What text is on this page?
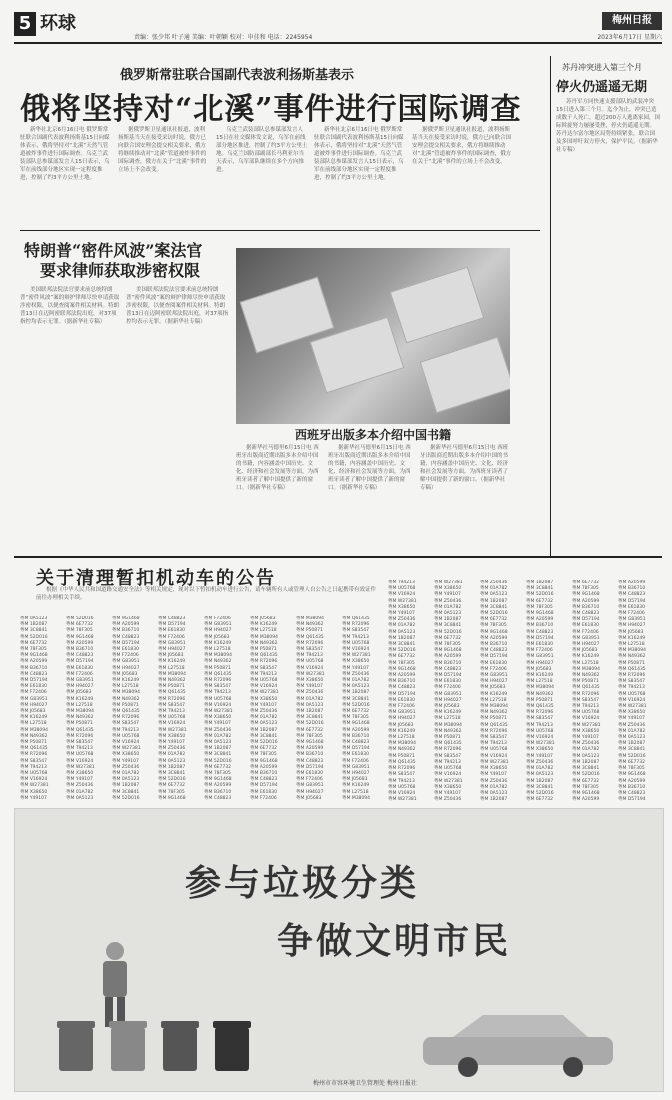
5 环球
责编：张少邦 叶子通 美编：叶朝颖 校对：申佳和 电话：2245954
梅州日报
2023年6月17日 星期六
俄罗斯常驻联合国副代表波利扬斯基表示
俄将坚持对“北溪”事件进行国际调查

新华社北京6月16日电 俄罗斯常驻联合国副代表波利扬斯基15日向媒体表示，俄将坚持对“北溪”天然气管道被炸事件进行国际调查。乌克兰武装部队总参谋部发言人15日表示，乌军在前线部分地区实现一定程度推进，控制了约3平方公里土地。

据俄罗斯卫星通讯社报道，波利扬斯基当天在接受采访时说，俄方已向联合国安理会提交相关要求，俄方将继续推动对“北溪”管道被炸事件的国际调查，俄方在关于“北溪”事件的立场上不会改变。

乌克兰武装部队总参谋部发言人15日在社交媒体发文说，乌军在前线部分地区推进，控制了约3平方公里土地。乌克兰国防部副部长马利亚尔当天表示，乌军部队继续在多个方向推进。

新华社北京6月16日电 俄罗斯常驻联合国副代表波利扬斯基15日向媒体表示，俄将坚持对“北溪”天然气管道被炸事件进行国际调查。乌克兰武装部队总参谋部发言人15日表示，乌军在前线部分地区实现一定程度推进，控制了约3平方公里土地。

据俄罗斯卫星通讯社报道，波利扬斯基当天在接受采访时说，俄方已向联合国安理会提交相关要求，俄方将继续推动对“北溪”管道被炸事件的国际调查，俄方在关于“北溪”事件的立场上不会改变。

苏丹冲突进入第三个月
停火仍遥遥无期

苏丹军方同快速支援部队的武装冲突15日进入第三个月。迄今为止，冲突已造成数千人死亡，超过200万人逃离家园，国际斡旋努力屡屡受挫，停火仍遥遥无期。苏丹达尔富尔地区局势持续紧张，联合国及多国呼吁双方停火，保护平民。（据新华社专稿）

特朗普“密件风波”案法官
要求律师获取涉密权限

美国联邦法院法官要求前总统特朗普“密件风波”案的辩护律师尽快申请获取涉密权限，以便查阅案件相关材料。特朗普13日在迈阿密联邦法院出庭，对37项指控均表示无罪。（据新华社专稿）

美国联邦法院法官要求前总统特朗普“密件风波”案的辩护律师尽快申请获取涉密权限，以便查阅案件相关材料。特朗普13日在迈阿密联邦法院出庭，对37项指控均表示无罪。（据新华社专稿）

西班牙出版多本介绍中国书籍

据新华社马德里6月15日电 西班牙出版商近期出版多本介绍中国的书籍，内容涵盖中国历史、文化、经济和社会发展等方面，为西班牙读者了解中国提供了新的窗口。（据新华社专稿）

据新华社马德里6月15日电 西班牙出版商近期出版多本介绍中国的书籍，内容涵盖中国历史、文化、经济和社会发展等方面，为西班牙读者了解中国提供了新的窗口。（据新华社专稿）

据新华社马德里6月15日电 西班牙出版商近期出版多本介绍中国的书籍，内容涵盖中国历史、文化、经济和社会发展等方面，为西班牙读者了解中国提供了新的窗口。（据新华社专稿）

关于清理暂扣机动车的公告

根据《中华人民共和国道路交通安全法》等相关规定，现对以下暂扣机动车进行公告，请车辆所有人或管理人自公告之日起携带有效证件前往办理相关手续。

粤M 0A5123
粤M 1B2087
粤M 3C8841
粤M 52D016
粤M 6E7732
粤M 78F305
粤M 9G1468
粤M A20599
粤M B36710
粤M C48823
粤M D57194
粤M E61830
粤M F72406
粤M G83951
粤M H94027
粤M J05683
粤M K16249
粤M L27518
粤M M38094
粤M N49362
粤M P50871
粤M Q61435
粤M R72096
粤M S83547
粤M T94213
粤M U05768
粤M V16924
粤M W27381
粤M X38650
粤M Y49107
粤M 52D016
粤M 6E7732
粤M 78F305
粤M 9G1468
粤M A20599
粤M B36710
粤M C48823
粤M D57194
粤M E61830
粤M F72406
粤M G83951
粤M H94027
粤M J05683
粤M K16249
粤M L27518
粤M M38094
粤M N49362
粤M P50871
粤M Q61435
粤M R72096
粤M S83547
粤M T94213
粤M U05768
粤M V16924
粤M W27381
粤M X38650
粤M Y49107
粤M Z50436
粤M 01A782
粤M 0A5123
粤M 9G1468
粤M A20599
粤M B36710
粤M C48823
粤M D57194
粤M E61830
粤M F72406
粤M G83951
粤M H94027
粤M J05683
粤M K16249
粤M L27518
粤M M38094
粤M N49362
粤M P50871
粤M Q61435
粤M R72096
粤M S83547
粤M T94213
粤M U05768
粤M V16924
粤M W27381
粤M X38650
粤M Y49107
粤M Z50436
粤M 01A782
粤M 0A5123
粤M 1B2087
粤M 3C8841
粤M 52D016
粤M C48823
粤M D57194
粤M E61830
粤M F72406
粤M G83951
粤M H94027
粤M J05683
粤M K16249
粤M L27518
粤M M38094
粤M N49362
粤M P50871
粤M Q61435
粤M R72096
粤M S83547
粤M T94213
粤M U05768
粤M V16924
粤M W27381
粤M X38650
粤M Y49107
粤M Z50436
粤M 01A782
粤M 0A5123
粤M 1B2087
粤M 3C8841
粤M 52D016
粤M 6E7732
粤M 78F305
粤M 9G1468
粤M F72406
粤M G83951
粤M H94027
粤M J05683
粤M K16249
粤M L27518
粤M M38094
粤M N49362
粤M P50871
粤M Q61435
粤M R72096
粤M S83547
粤M T94213
粤M U05768
粤M V16924
粤M W27381
粤M X38650
粤M Y49107
粤M Z50436
粤M 01A782
粤M 0A5123
粤M 1B2087
粤M 3C8841
粤M 52D016
粤M 6E7732
粤M 78F305
粤M 9G1468
粤M A20599
粤M B36710
粤M C48823
粤M J05683
粤M K16249
粤M L27518
粤M M38094
粤M N49362
粤M P50871
粤M Q61435
粤M R72096
粤M S83547
粤M T94213
粤M U05768
粤M V16924
粤M W27381
粤M X38650
粤M Y49107
粤M Z50436
粤M 01A782
粤M 0A5123
粤M 1B2087
粤M 3C8841
粤M 52D016
粤M 6E7732
粤M 78F305
粤M 9G1468
粤M A20599
粤M B36710
粤M C48823
粤M D57194
粤M E61830
粤M F72406
粤M M38094
粤M N49362
粤M P50871
粤M Q61435
粤M R72096
粤M S83547
粤M T94213
粤M U05768
粤M V16924
粤M W27381
粤M X38650
粤M Y49107
粤M Z50436
粤M 01A782
粤M 0A5123
粤M 1B2087
粤M 3C8841
粤M 52D016
粤M 6E7732
粤M 78F305
粤M 9G1468
粤M A20599
粤M B36710
粤M C48823
粤M D57194
粤M E61830
粤M F72406
粤M G83951
粤M H94027
粤M J05683
粤M Q61435
粤M R72096
粤M S83547
粤M T94213
粤M U05768
粤M V16924
粤M W27381
粤M X38650
粤M Y49107
粤M Z50436
粤M 01A782
粤M 0A5123
粤M 1B2087
粤M 3C8841
粤M 52D016
粤M 6E7732
粤M 78F305
粤M 9G1468
粤M A20599
粤M B36710
粤M C48823
粤M D57194
粤M E61830
粤M F72406
粤M G83951
粤M H94027
粤M J05683
粤M K16249
粤M L27518
粤M M38094
粤M T94213
粤M U05768
粤M V16924
粤M W27381
粤M X38650
粤M Y49107
粤M Z50436
粤M 01A782
粤M 0A5123
粤M 1B2087
粤M 3C8841
粤M 52D016
粤M 6E7732
粤M 78F305
粤M 9G1468
粤M A20599
粤M B36710
粤M C48823
粤M D57194
粤M E61830
粤M F72406
粤M G83951
粤M H94027
粤M J05683
粤M K16249
粤M L27518
粤M M38094
粤M N49362
粤M P50871
粤M Q61435
粤M R72096
粤M S83547
粤M T94213
粤M U05768
粤M V16924
粤M W27381
粤M W27381
粤M X38650
粤M Y49107
粤M Z50436
粤M 01A782
粤M 0A5123
粤M 1B2087
粤M 3C8841
粤M 52D016
粤M 6E7732
粤M 78F305
粤M 9G1468
粤M A20599
粤M B36710
粤M C48823
粤M D57194
粤M E61830
粤M F72406
粤M G83951
粤M H94027
粤M J05683
粤M K16249
粤M L27518
粤M M38094
粤M N49362
粤M P50871
粤M Q61435
粤M R72096
粤M S83547
粤M T94213
粤M U05768
粤M V16924
粤M W27381
粤M X38650
粤M Y49107
粤M Z50436
粤M Z50436
粤M 01A782
粤M 0A5123
粤M 1B2087
粤M 3C8841
粤M 52D016
粤M 6E7732
粤M 78F305
粤M 9G1468
粤M A20599
粤M B36710
粤M C48823
粤M D57194
粤M E61830
粤M F72406
粤M G83951
粤M H94027
粤M J05683
粤M K16249
粤M L27518
粤M M38094
粤M N49362
粤M P50871
粤M Q61435
粤M R72096
粤M S83547
粤M T94213
粤M U05768
粤M V16924
粤M W27381
粤M X38650
粤M Y49107
粤M Z50436
粤M 01A782
粤M 0A5123
粤M 1B2087
粤M 1B2087
粤M 3C8841
粤M 52D016
粤M 6E7732
粤M 78F305
粤M 9G1468
粤M A20599
粤M B36710
粤M C48823
粤M D57194
粤M E61830
粤M F72406
粤M G83951
粤M H94027
粤M J05683
粤M K16249
粤M L27518
粤M M38094
粤M N49362
粤M P50871
粤M Q61435
粤M R72096
粤M S83547
粤M T94213
粤M U05768
粤M V16924
粤M W27381
粤M X38650
粤M Y49107
粤M Z50436
粤M 01A782
粤M 0A5123
粤M 1B2087
粤M 3C8841
粤M 52D016
粤M 6E7732
粤M 6E7732
粤M 78F305
粤M 9G1468
粤M A20599
粤M B36710
粤M C48823
粤M D57194
粤M E61830
粤M F72406
粤M G83951
粤M H94027
粤M J05683
粤M K16249
粤M L27518
粤M M38094
粤M N49362
粤M P50871
粤M Q61435
粤M R72096
粤M S83547
粤M T94213
粤M U05768
粤M V16924
粤M W27381
粤M X38650
粤M Y49107
粤M Z50436
粤M 01A782
粤M 0A5123
粤M 1B2087
粤M 3C8841
粤M 52D016
粤M 6E7732
粤M 78F305
粤M 9G1468
粤M A20599
粤M A20599
粤M B36710
粤M C48823
粤M D57194
粤M E61830
粤M F72406
粤M G83951
粤M H94027
粤M J05683
粤M K16249
粤M L27518
粤M M38094
粤M N49362
粤M P50871
粤M Q61435
粤M R72096
粤M S83547
粤M T94213
粤M U05768
粤M V16924
粤M W27381
粤M X38650
粤M Y49107
粤M Z50436
粤M 01A782
粤M 0A5123
粤M 1B2087
粤M 3C8841
粤M 52D016
粤M 6E7732
粤M 78F305
粤M 9G1468
粤M A20599
粤M B36710
粤M C48823
粤M D57194
参与垃圾分类
争做文明市民
梅州市市容环境卫生管理处 梅州日报社
